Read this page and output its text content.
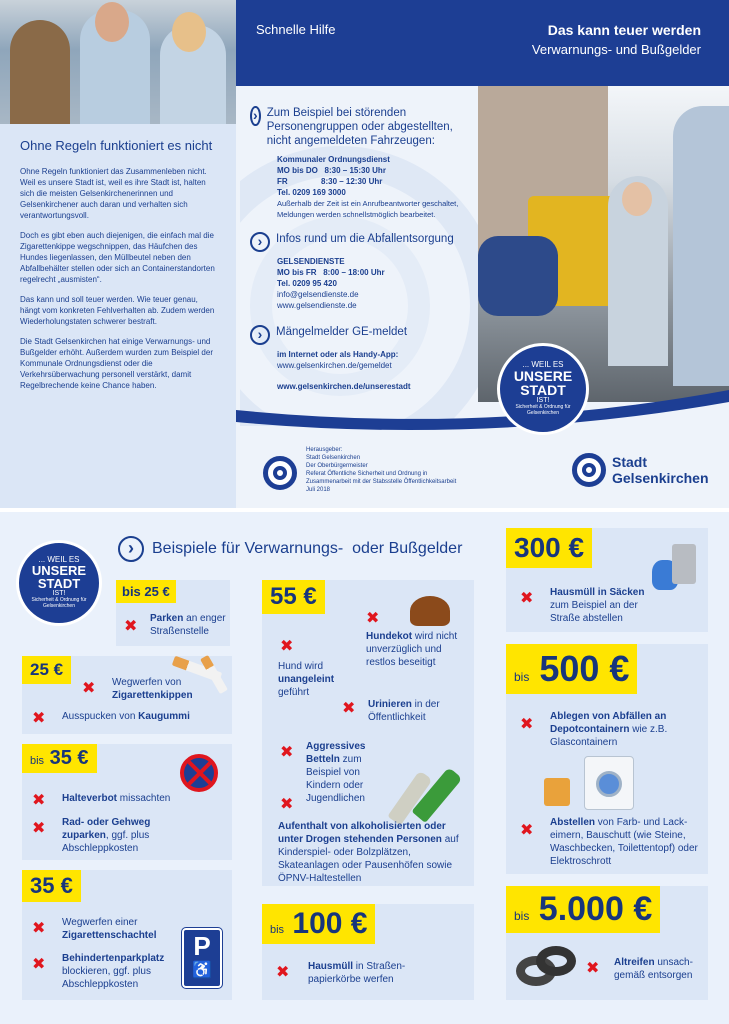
Ohne Regeln funktioniert es nicht

Ohne Regeln funktioniert das Zusammenleben nicht. Weil es unsere Stadt ist, weil es ihre Stadt ist, halten sich die meisten Gelsenkirchenerinnen und Gelsenkirchener auch daran und verhalten sich verantwortungsvoll.

Doch es gibt eben auch diejenigen, die einfach mal die Zigarettenkippe wegschnippen, das Häufchen des Hundes liegenlassen, den Müllbeutel neben den Abfallbehälter stellen oder sich an Containerstandorten regelrecht „ausmisten“.

Das kann und soll teuer werden. Wie teuer genau, hängt vom konkreten Fehlverhalten ab. Zudem werden Wiederholungstaten schwerer bestraft.

Die Stadt Gelsenkirchen hat einige Verwarnungs- und Bußgelder erhöht. Außerdem wurden zum Beispiel der Kommunale Ordnungsdienst oder die Verkehrsüberwachung personell verstärkt, damit Regelbrechende keine Chance haben.

Schnelle Hilfe	Das kann teuer werden
Verwarnungs- und Bußgelder
› Zum Beispiel bei störenden Personengruppen oder abgestellten, nicht angemeldeten Fahrzeugen:
Kommunaler Ordnungsdienst
MO bis DO   8:30 – 15:30 Uhr
FR               8:30 – 12:30 Uhr
Tel. 0209 169 3000
Außerhalb der Zeit ist ein Anrufbeantworter geschaltet, Meldungen werden schnellstmöglich bearbeitet.
›	Infos rund um die Abfallentsorgung
GELSENDIENSTE
MO bis FR   8:00 – 18:00 Uhr
Tel. 0209 95 420
info@gelsendienste.de
www.gelsendienste.de
›	Mängelmelder GE-meldet
im Internet oder als Handy-App:
www.gelsenkirchen.de/gemeldet
www.gelsenkirchen.de/unserestadt
... WEIL ES
UNSERE
STADT
IST!
Sicherheit & Ordnung für Gelsenkirchen
Herausgeber:
Stadt Gelsenkirchen
Der Oberbürgermeister
Referat Öffentliche Sicherheit und Ordnung in
Zusammenarbeit mit der Stabsstelle Öffentlichkeitsarbeit
Juli 2018
Stadt
Gelsenkirchen
... WEIL ES
UNSERE
STADT
IST!
Sicherheit & Ordnung für Gelsenkirchen
›	Beispiele für Verwarnungs-  oder Bußgelder
bis 25 €
✖ Parken an enger Straßenstelle
25 €
✖ Wegwerfen von Zigarettenkippen
✖ Ausspucken von Kaugummi
bis 35 €
✖ Halteverbot missachten
✖ Rad- oder Gehweg zuparken, ggf. plus Abschleppkosten
35 €
✖ Wegwerfen einer Zigarettenschachtel
✖ Behindertenparkplatz blockieren, ggf. plus Abschleppkosten
P
♿
55 €
✖
Hundekot wird nicht unverzüglich und restlos beseitigt
✖
Hund wird unangeleint geführt
✖ Urinieren in der Öffentlichkeit
✖ Aggressives Betteln zum Beispiel von Kindern oder Jugendlichen
✖
Aufenthalt von alkoholisierten oder unter Drogen stehenden Personen auf Kinderspiel- oder Bolzplätzen, Skateanlagen oder Pausenhöfen sowie ÖPNV-Haltestellen
bis 100 €
✖ Hausmüll in Straßen-papierkörbe werfen
300 €
✖ Hausmüll in Säcken zum Beispiel an der Straße abstellen
bis 500 €
✖ Ablegen von Abfällen an Depotcontainern wie z.B. Glascontainern
✖ Abstellen von Farb- und Lack-eimern, Bauschutt (wie Steine, Waschbecken, Toilettentopf) oder Elektroschrott
bis 5.000 €
✖ Altreifen unsach-gemäß entsorgen
